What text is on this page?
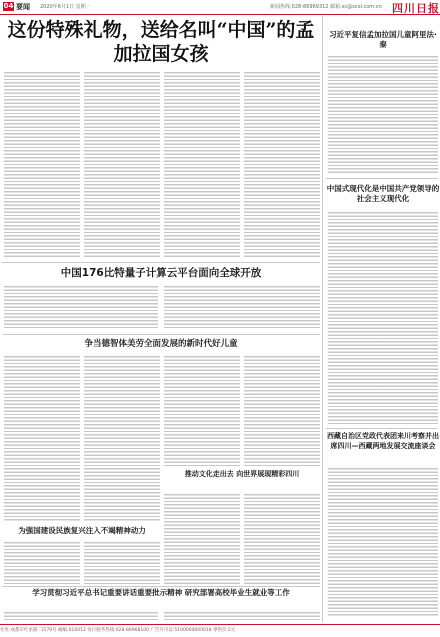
04 要闻 2020年6月1日 星期一	新闻热线:028-86969312 邮箱:sc@scol.com.cn 四川日报
这份特殊礼物，送给名叫“中国”的孟加拉国女孩
中国176比特量子计算云平台面向全球开放
争当德智体美劳全面发展的新时代好儿童
为强国建设民族复兴注入不竭精神动力
推动文化走出去 向世界展现精彩四川
学习贯彻习近平总书记重要讲话重要批示精神 研究部署高校毕业生就业等工作
习近平复信孟加拉国儿童阿里法·秦
中国式现代化是中国共产党领导的社会主义现代化
西藏自治区党政代表团来川考察并出席四川—西藏两地发展交流座谈会
社址:成都市红星路二段70号 邮编:610012 发行服务热线:028-86968100 广告许可证:5100004000018 零售价:2元
